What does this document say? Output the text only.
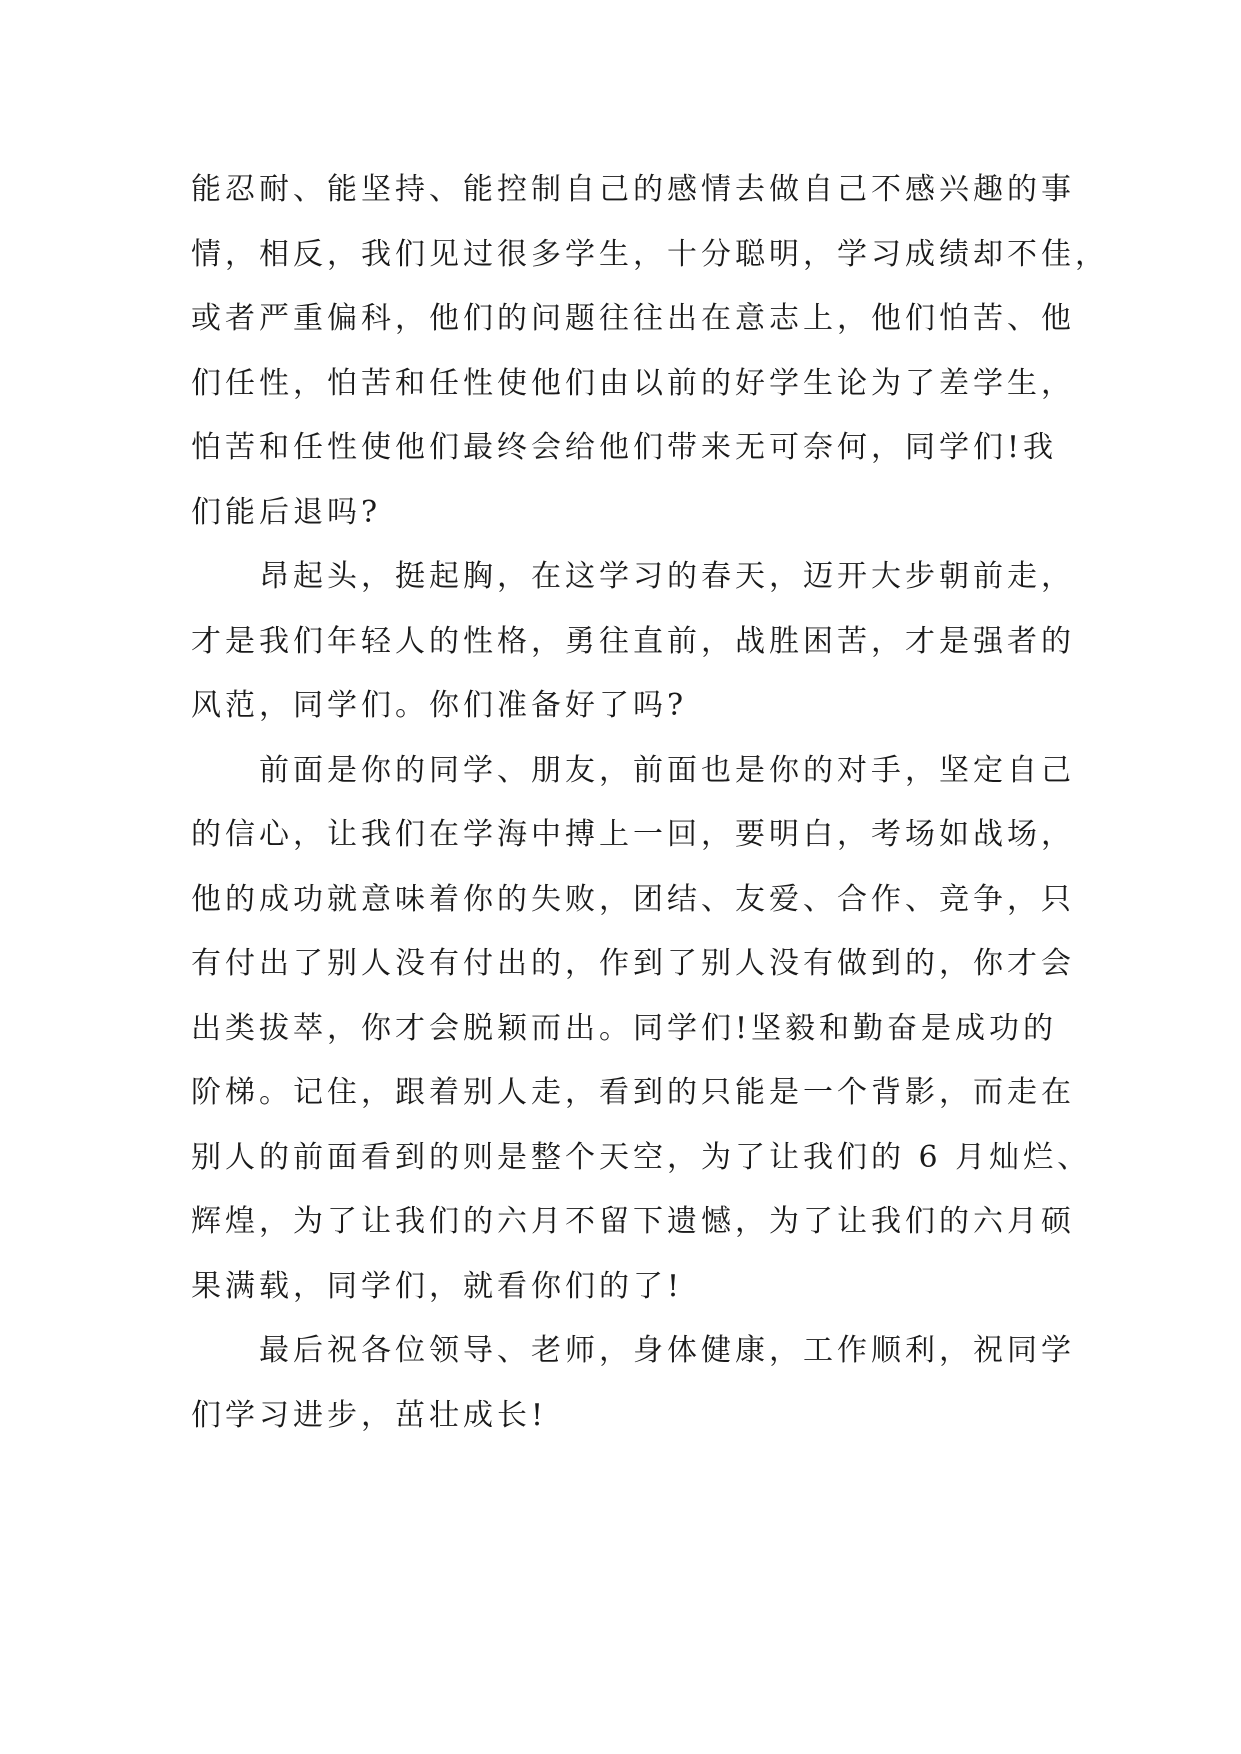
能忍耐、能坚持、能控制自己的感情去做自己不感兴趣的事
情，相反，我们见过很多学生，十分聪明，学习成绩却不佳，
或者严重偏科，他们的问题往往出在意志上，他们怕苦、他
们任性，怕苦和任性使他们由以前的好学生论为了差学生，
怕苦和任性使他们最终会给他们带来无可奈何，同学们!我
们能后退吗?
昂起头，挺起胸，在这学习的春天，迈开大步朝前走，
才是我们年轻人的性格，勇往直前，战胜困苦，才是强者的
风范，同学们。你们准备好了吗?
前面是你的同学、朋友，前面也是你的对手，坚定自己
的信心，让我们在学海中搏上一回，要明白，考场如战场，
他的成功就意味着你的失败，团结、友爱、合作、竞争，只
有付出了别人没有付出的，作到了别人没有做到的，你才会
出类拔萃，你才会脱颖而出。同学们!坚毅和勤奋是成功的
阶梯。记住，跟着别人走，看到的只能是一个背影，而走在
别人的前面看到的则是整个天空，为了让我们的 6 月灿烂、
辉煌，为了让我们的六月不留下遗憾，为了让我们的六月硕
果满载，同学们，就看你们的了!
最后祝各位领导、老师，身体健康，工作顺利，祝同学
们学习进步，茁壮成长!
